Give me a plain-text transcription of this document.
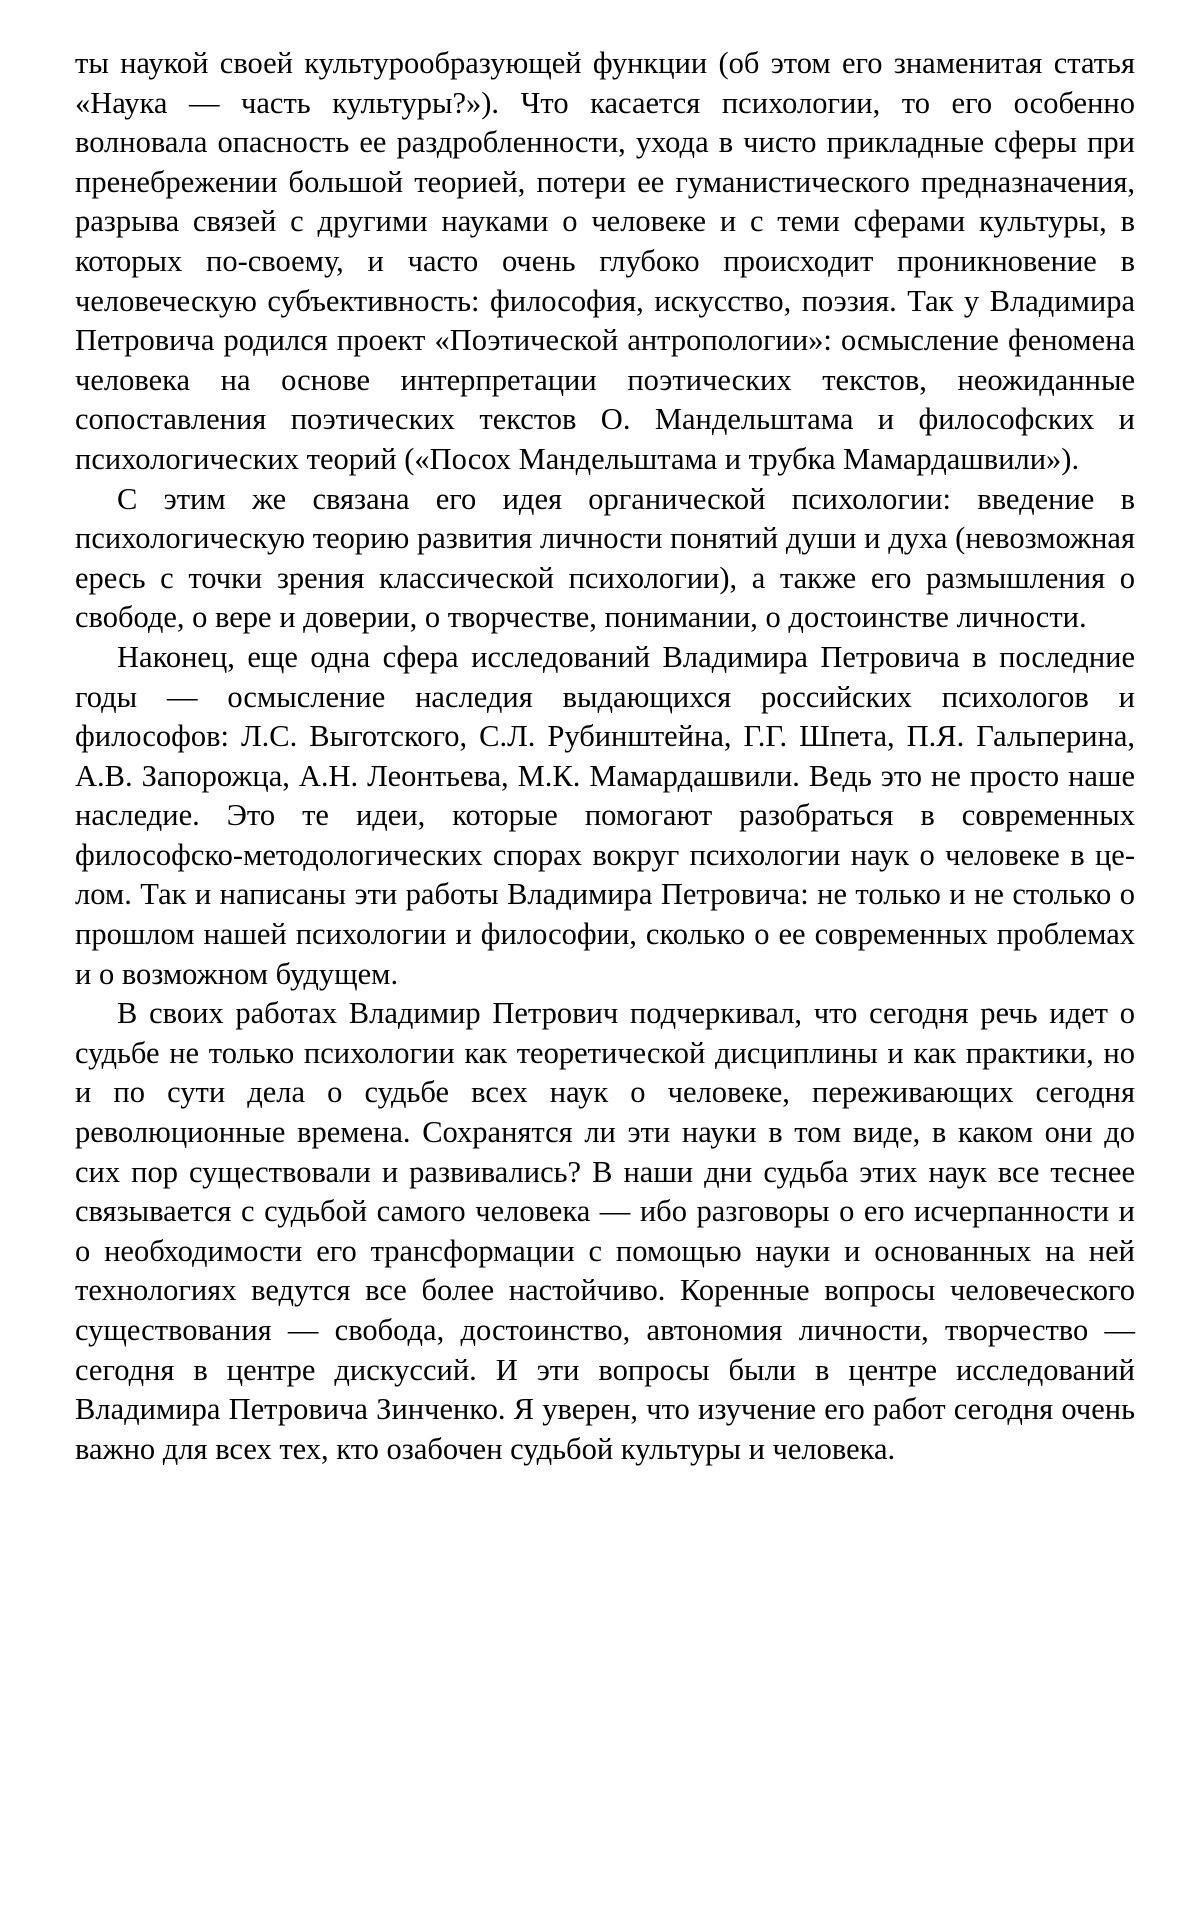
ты наукой своей культурообразующей функции (об этом его знаменитая статья «Наука — часть культуры?»). Что касается психологии, то его особенно волновала опасность ее раздробленности, ухода в чисто прикладные сферы при пренебрежении большой теорией, потери ее гуманистического предназначения, разрыва связей с другими науками о человеке и с теми сферами культуры, в которых по-своему, и часто очень глубоко происходит проникновение в человеческую субъективность: философия, искусство, поэзия. Так у Владимира Петровича родился проект «Поэтической антропологии»: осмысление феномена человека на основе интерпретации поэтических текстов, неожиданные сопоставления поэтических текстов О. Мандельштама и философских и психологических теорий («Посох Мандельштама и трубка Мамардашвили»).

С этим же связана его идея органической психологии: введение в психологическую теорию развития личности понятий души и духа (невозможная ересь с точки зрения классической психологии), а также его размышления о свободе, о вере и доверии, о творчестве, понимании, о достоинстве личности.

Наконец, еще одна сфера исследований Владимира Петровича в последние годы — осмысление наследия выдающихся российских психологов и философов: Л.С. Выготского, С.Л. Рубинштейна, Г.Г. Шпета, П.Я. Гальперина, А.В. Запорожца, А.Н. Леонтьева, М.К. Мамардашвили. Ведь это не просто наше наследие. Это те идеи, которые помогают разобраться в современных философско-методологических спорах вокруг психологии наук о человеке в целом. Так и написаны эти работы Владимира Петровича: не только и не столько о прошлом нашей психологии и философии, сколько о ее современных проблемах и о возможном будущем.

В своих работах Владимир Петрович подчеркивал, что сегодня речь идет о судьбе не только психологии как теоретической дисциплины и как практики, но и по сути дела о судьбе всех наук о человеке, переживающих сегодня революционные времена. Сохранятся ли эти науки в том виде, в каком они до сих пор существовали и развивались? В наши дни судьба этих наук все теснее связывается с судьбой самого человека — ибо разговоры о его исчерпанности и о необходимости его трансформации с помощью науки и основанных на ней технологиях ведутся все более настойчиво. Коренные вопросы человеческого существования — свобода, достоинство, автономия личности, творчество — сегодня в центре дискуссий. И эти вопросы были в центре исследований Владимира Петровича Зинченко. Я уверен, что изучение его работ сегодня очень важно для всех тех, кто озабочен судьбой культуры и человека.
